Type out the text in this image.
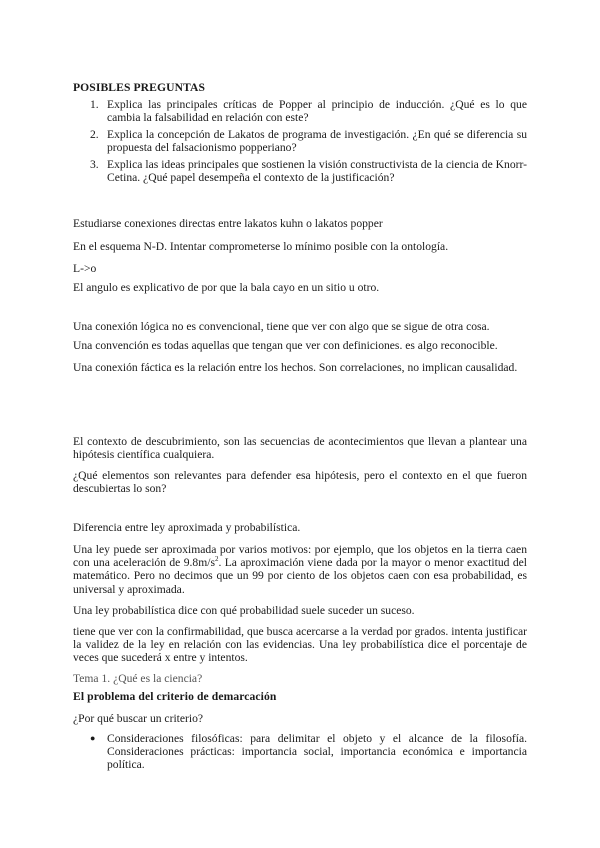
POSIBLES PREGUNTAS

1. Explica las principales críticas de Popper al principio de inducción. ¿Qué es lo que cambia la falsabilidad en relación con este?
2. Explica la concepción de Lakatos de programa de investigación. ¿En qué se diferencia su propuesta del falsacionismo popperiano?
3. Explica las ideas principales que sostienen la visión constructivista de la ciencia de Knorr-Cetina. ¿Qué papel desempeña el contexto de la justificación?

Estudiarse conexiones directas entre lakatos kuhn o lakatos popper

En el esquema N-D. Intentar comprometerse lo mínimo posible con la ontología.

L->o

El angulo es explicativo de por que la bala cayo en un sitio u otro.

Una conexión lógica no es convencional, tiene que ver con algo que se sigue de otra cosa.

Una convención es todas aquellas que tengan que ver con definiciones. es algo reconocible.

Una conexión fáctica es la relación entre los hechos. Son correlaciones, no implican causalidad.

El contexto de descubrimiento, son las secuencias de acontecimientos que llevan a plantear una hipótesis científica cualquiera.

¿Qué elementos son relevantes para defender esa hipótesis, pero el contexto en el que fueron descubiertas lo son?

Diferencia entre ley aproximada y probabilística.

Una ley puede ser aproximada por varios motivos: por ejemplo, que los objetos en la tierra caen con una aceleración de $9.8m/s^2$. La aproximación viene dada por la mayor o menor exactitud del matemático. Pero no decimos que un 99 por ciento de los objetos caen con esa probabilidad, es universal y aproximada.

Una ley probabilística dice con qué probabilidad suele suceder un suceso.

tiene que ver con la confirmabilidad, que busca acercarse a la verdad por grados. intenta justificar la validez de la ley en relación con las evidencias. Una ley probabilística dice el porcentaje de veces que sucederá x entre y intentos.

Tema 1. ¿Qué es la ciencia?

El problema del criterio de demarcación

¿Por qué buscar un criterio?

● Consideraciones filosóficas: para delimitar el objeto y el alcance de la filosofía. Consideraciones prácticas: importancia social, importancia económica e importancia política.
